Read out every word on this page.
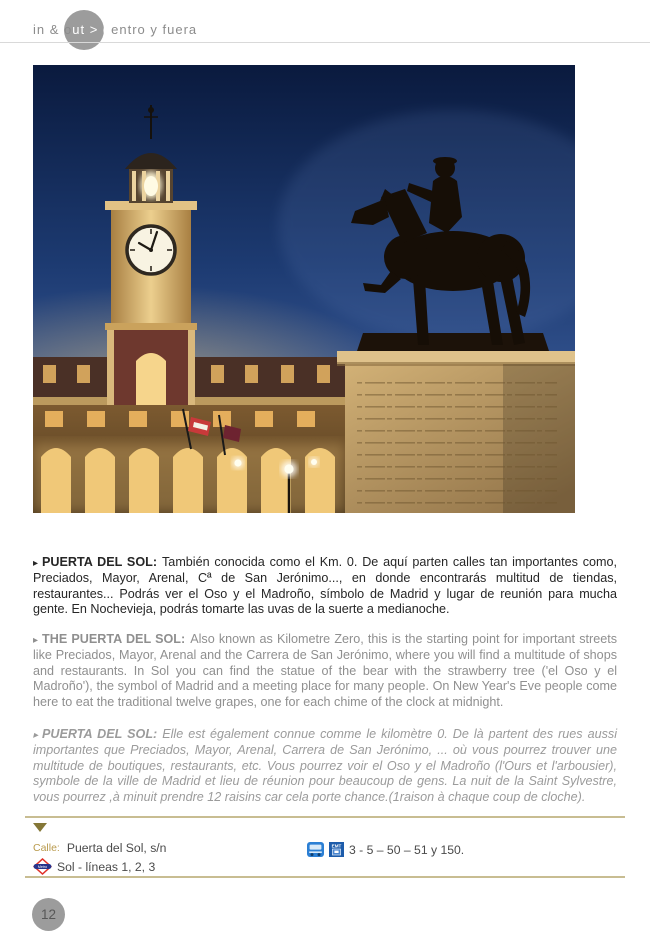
in & out > dentro y fuera

▸ PUERTA DEL SOL: También conocida como el Km. 0. De aquí parten calles tan importantes como, Preciados, Mayor, Arenal, Cª de San Jerónimo..., en donde encontrarás multitud de tiendas, restaurantes... Podrás ver el Oso y el Madroño, símbolo de Madrid y lugar de reunión para mucha gente. En Nochevieja, podrás tomarte las uvas de la suerte a medianoche.

▸ THE PUERTA DEL SOL: Also known as Kilometre Zero, this is the starting point for important streets like Preciados, Mayor, Arenal and the Carrera de San Jerónimo, where you will find a multitude of shops and restaurants. In Sol you can find the statue of the bear with the strawberry tree ('el Oso y el Madroño'), the symbol of Madrid and a meeting place for many people. On New Year's Eve people come here to eat the traditional twelve grapes, one for each chime of the clock at midnight.

▸ PUERTA DEL SOL: Elle est également connue comme le kilomètre 0. De là partent des rues aussi importantes que Preciados, Mayor, Arenal, Carrera de San Jerónimo, ... où vous pourrez trouver une multitude de boutiques, restaurants, etc. Vous pourrez voir el Oso y el Madroño (l'Ours et l'arbousier), symbole de la ville de Madrid et lieu de réunion pour beaucoup de gens. La nuit de la Saint Sylvestre, vous pourrez ,à minuit prendre 12 raisins car cela porte chance.(1raison à chaque coup de cloche).

Calle: Puerta del Sol, s/n
Metro Sol - líneas 1, 2, 3
EMT 3 - 5 – 50 – 51 y 150.
12
